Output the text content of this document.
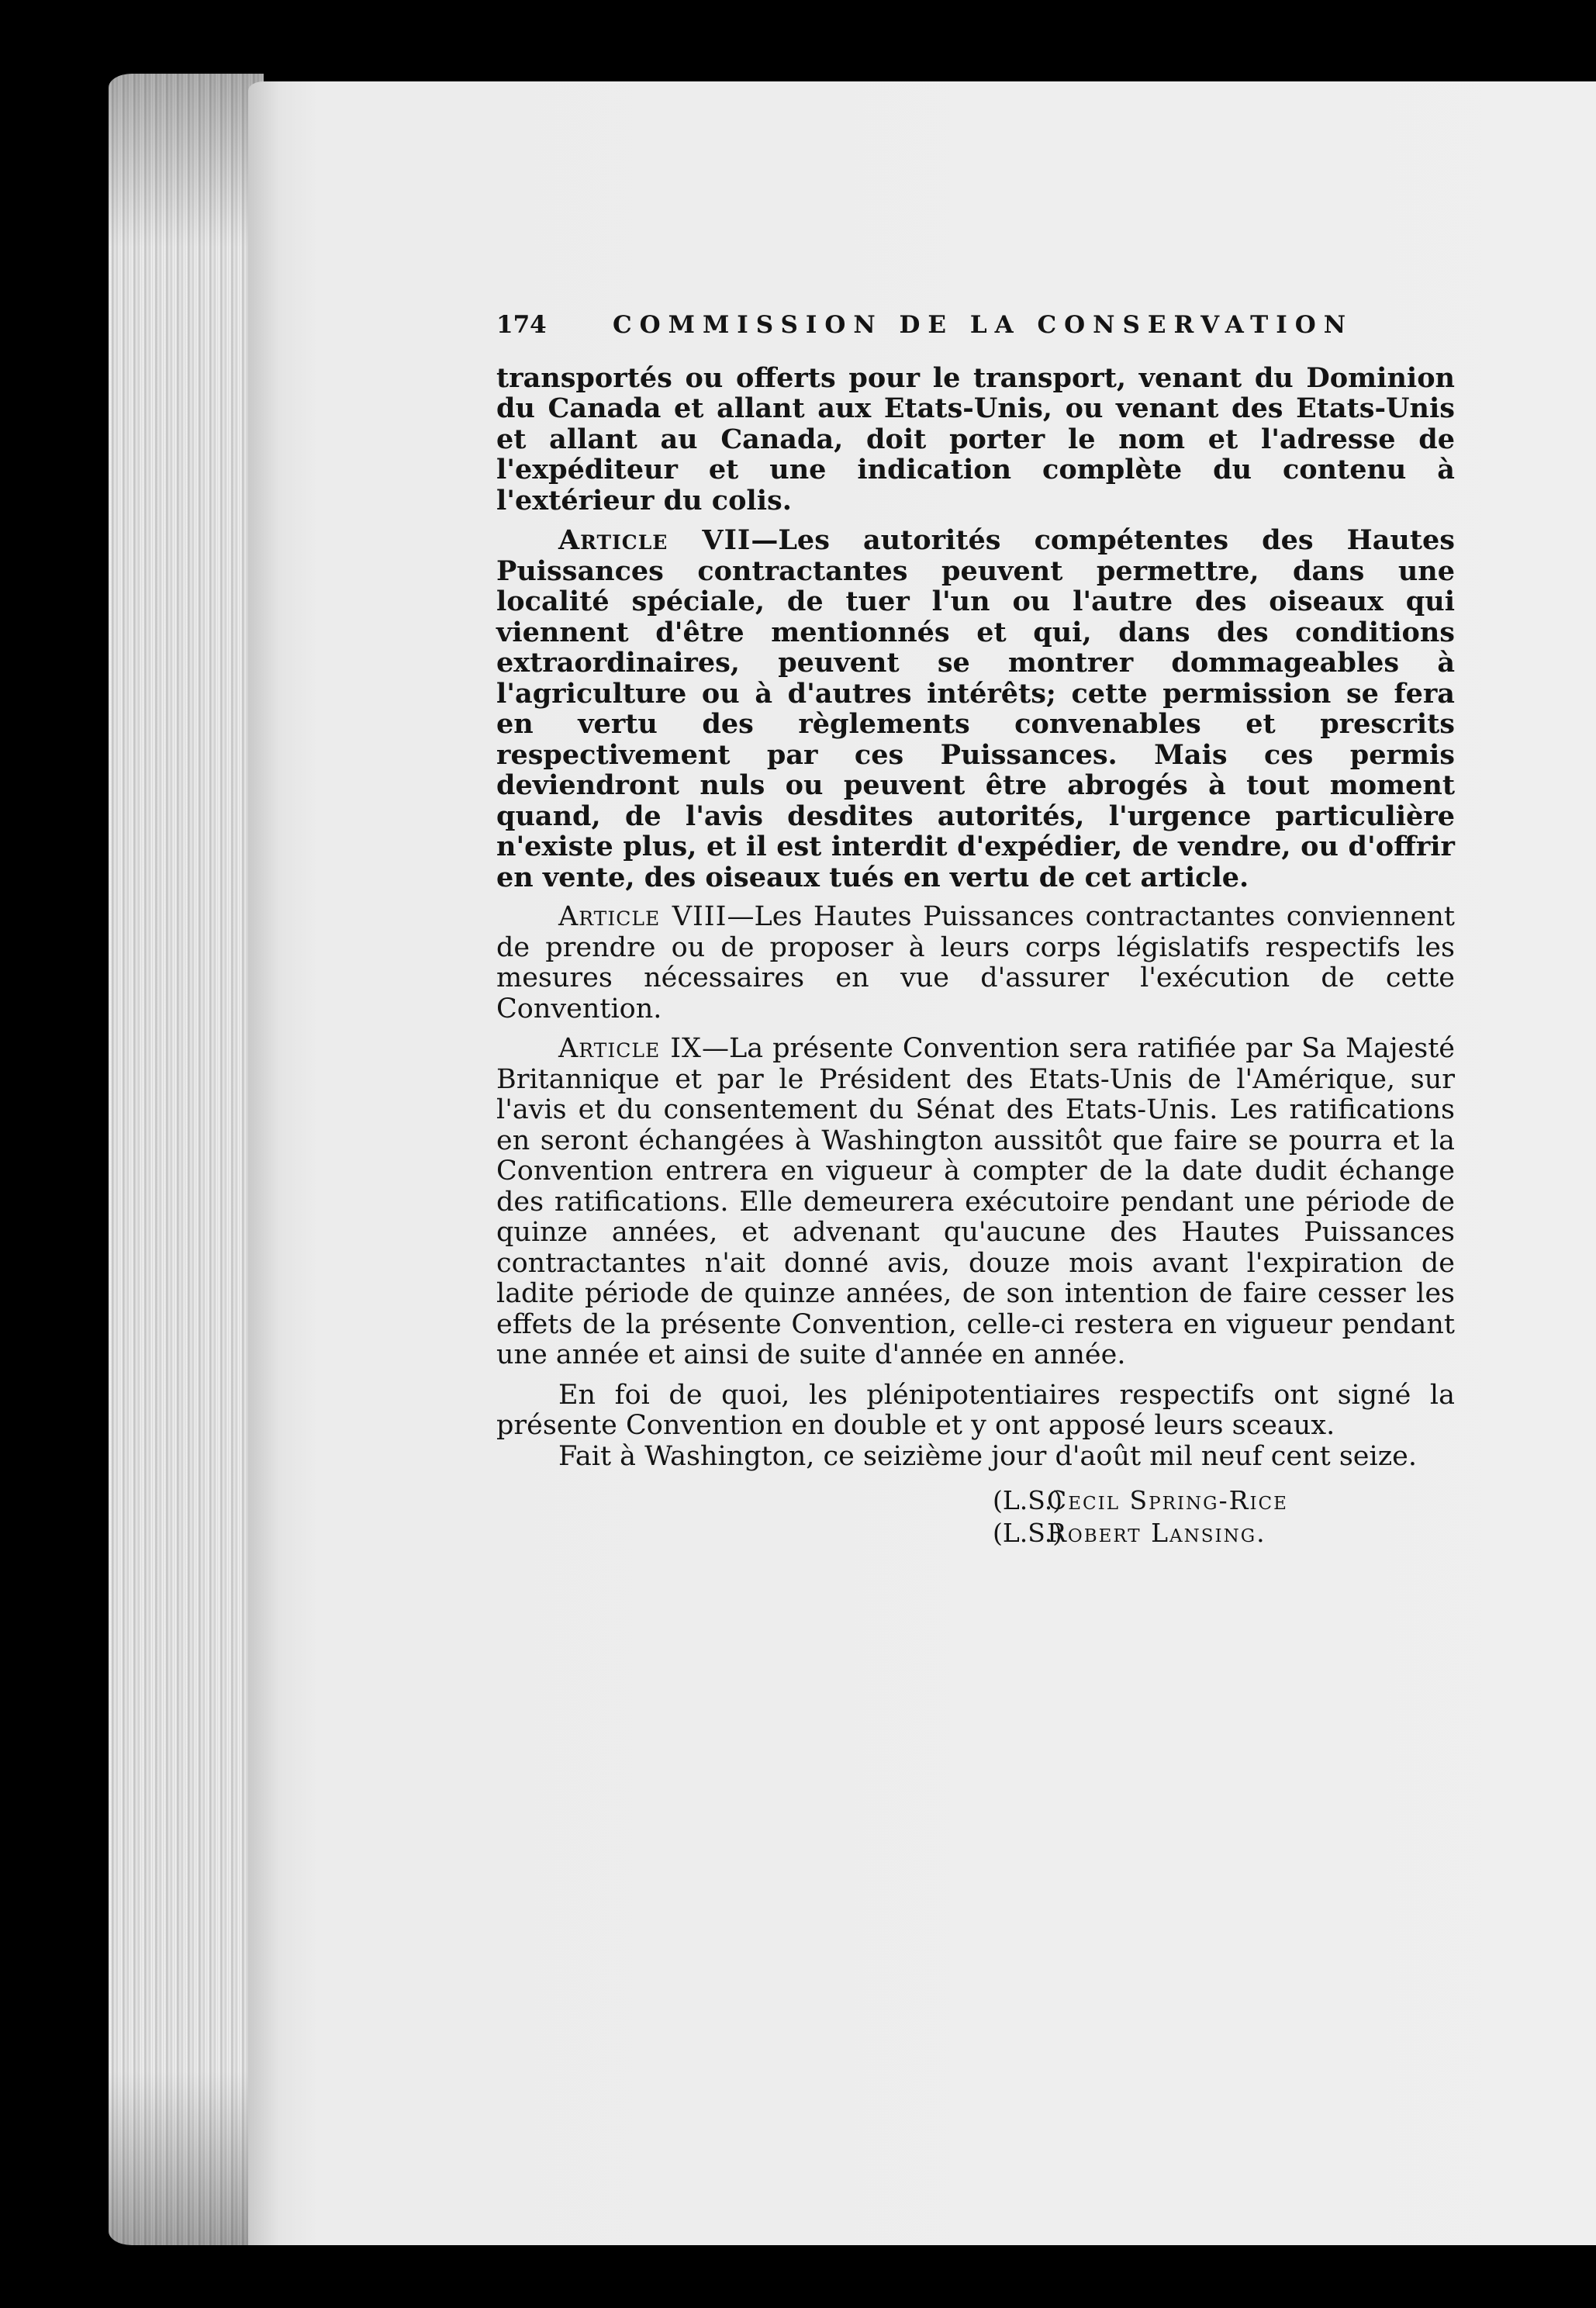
174	COMMISSION DE LA CONSERVATION

transportés ou offerts pour le transport, venant du Dominion du Canada et allant aux Etats-Unis, ou venant des Etats-Unis et allant au Canada, doit porter le nom et l'adresse de l'expéditeur et une indication complète du contenu à l'extérieur du colis.

Article VII—Les autorités compétentes des Hautes Puissances contractantes peuvent permettre, dans une localité spéciale, de tuer l'un ou l'autre des oiseaux qui viennent d'être mentionnés et qui, dans des conditions extraordinaires, peuvent se montrer dommageables à l'agriculture ou à d'autres intérêts; cette permission se fera en vertu des règlements convenables et prescrits respectivement par ces Puissances. Mais ces permis deviendront nuls ou peuvent être abrogés à tout moment quand, de l'avis desdites autorités, l'urgence particulière n'existe plus, et il est interdit d'expédier, de vendre, ou d'offrir en vente, des oiseaux tués en vertu de cet article.

Article VIII—Les Hautes Puissances contractantes conviennent de prendre ou de proposer à leurs corps législatifs respectifs les mesures nécessaires en vue d'assurer l'exécution de cette Convention.

Article IX—La présente Convention sera ratifiée par Sa Majesté Britannique et par le Président des Etats-Unis de l'Amérique, sur l'avis et du consentement du Sénat des Etats-Unis. Les ratifications en seront échangées à Washington aussitôt que faire se pourra et la Convention entrera en vigueur à compter de la date dudit échange des ratifications. Elle demeurera exécutoire pendant une période de quinze années, et advenant qu'aucune des Hautes Puissances contractantes n'ait donné avis, douze mois avant l'expiration de ladite période de quinze années, de son intention de faire cesser les effets de la présente Convention, celle-ci restera en vigueur pendant une année et ainsi de suite d'année en année.

En foi de quoi, les plénipotentiaires respectifs ont signé la présente Convention en double et y ont apposé leurs sceaux.

Fait à Washington, ce seizième jour d'août mil neuf cent seize.

(L.S.)
Cecil Spring-Rice
(L.S.)
Robert Lansing.
